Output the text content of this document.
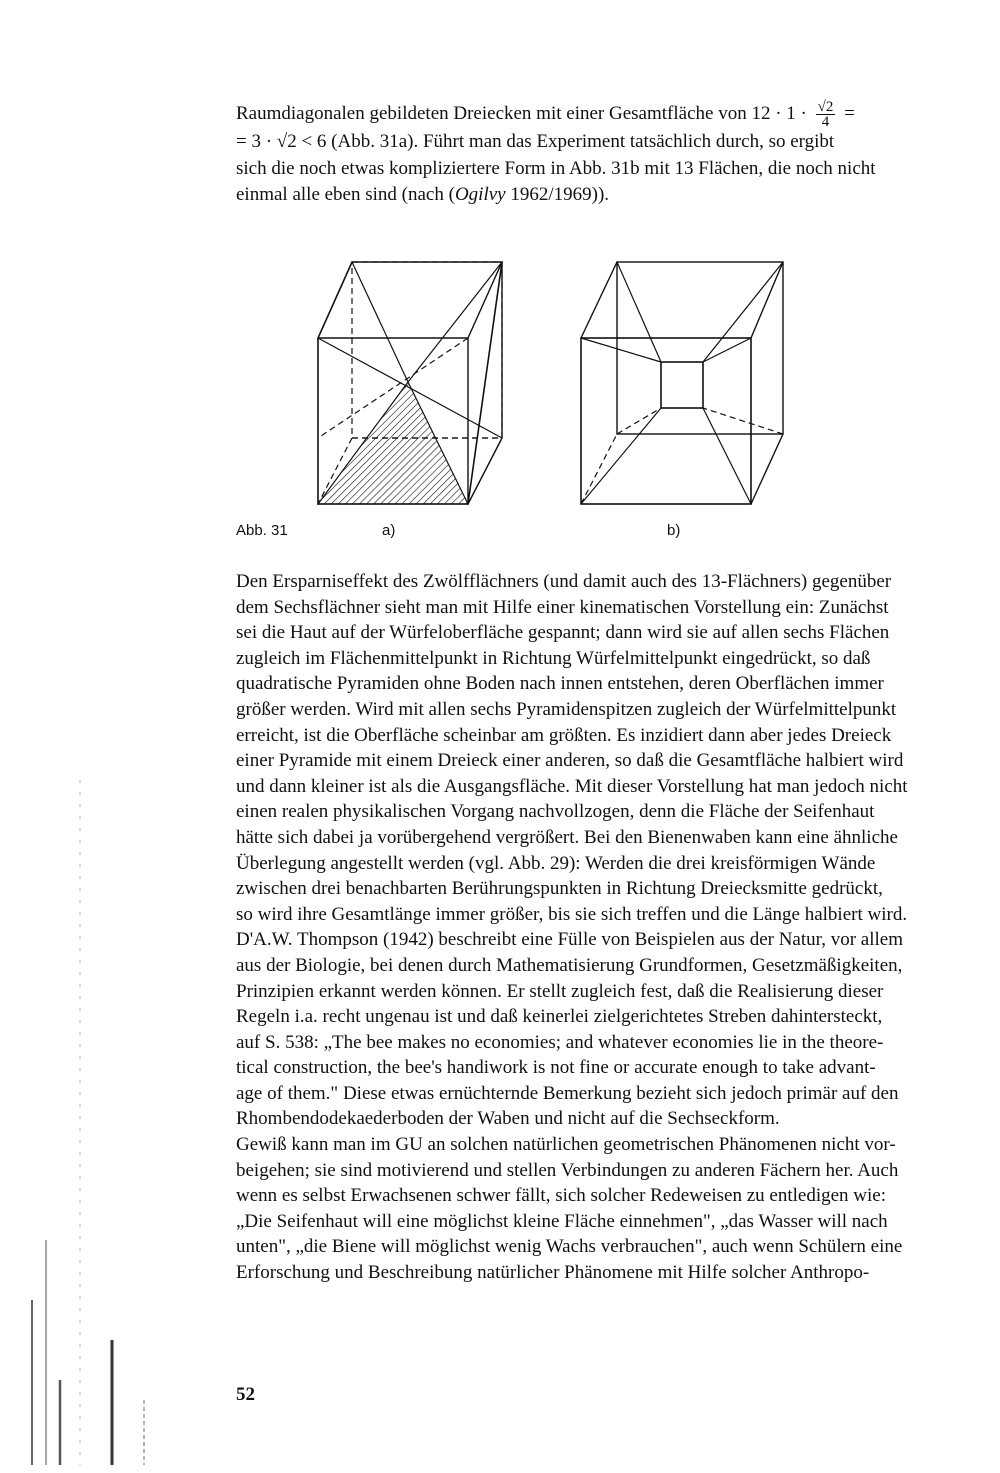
Raumdiagonalen gebildeten Dreiecken mit einer Gesamtfläche von $12 \cdot 1 \cdot \frac{√2}{4}$ =
= 3 · √2 < 6 (Abb. 31a). Führt man das Experiment tatsächlich durch, so ergibt
sich die noch etwas kompliziertere Form in Abb. 31b mit 13 Flächen, die noch nicht
einmal alle eben sind (nach (Ogilvy 1962/1969)).
Abb. 31	a)	b)
Den Ersparniseffekt des Zwölfflächners (und damit auch des 13-Flächners) gegenüber
dem Sechsflächner sieht man mit Hilfe einer kinematischen Vorstellung ein: Zunächst
sei die Haut auf der Würfeloberfläche gespannt; dann wird sie auf allen sechs Flächen
zugleich im Flächenmittelpunkt in Richtung Würfelmittelpunkt eingedrückt, so daß
quadratische Pyramiden ohne Boden nach innen entstehen, deren Oberflächen immer
größer werden. Wird mit allen sechs Pyramidenspitzen zugleich der Würfelmittelpunkt
erreicht, ist die Oberfläche scheinbar am größten. Es inzidiert dann aber jedes Dreieck
einer Pyramide mit einem Dreieck einer anderen, so daß die Gesamtfläche halbiert wird
und dann kleiner ist als die Ausgangsfläche. Mit dieser Vorstellung hat man jedoch nicht
einen realen physikalischen Vorgang nachvollzogen, denn die Fläche der Seifenhaut
hätte sich dabei ja vorübergehend vergrößert. Bei den Bienenwaben kann eine ähnliche
Überlegung angestellt werden (vgl. Abb. 29): Werden die drei kreisförmigen Wände
zwischen drei benachbarten Berührungspunkten in Richtung Dreiecksmitte gedrückt,
so wird ihre Gesamtlänge immer größer, bis sie sich treffen und die Länge halbiert wird.
D'A.W. Thompson (1942) beschreibt eine Fülle von Beispielen aus der Natur, vor allem
aus der Biologie, bei denen durch Mathematisierung Grundformen, Gesetzmäßigkeiten,
Prinzipien erkannt werden können. Er stellt zugleich fest, daß die Realisierung dieser
Regeln i.a. recht ungenau ist und daß keinerlei zielgerichtetes Streben dahintersteckt,
auf S. 538: „The bee makes no economies; and whatever economies lie in the theore-
tical construction, the bee's handiwork is not fine or accurate enough to take advant-
age of them." Diese etwas ernüchternde Bemerkung bezieht sich jedoch primär auf den
Rhombendodekaederboden der Waben und nicht auf die Sechseckform.
Gewiß kann man im GU an solchen natürlichen geometrischen Phänomenen nicht vor-
beigehen; sie sind motivierend und stellen Verbindungen zu anderen Fächern her. Auch
wenn es selbst Erwachsenen schwer fällt, sich solcher Redeweisen zu entledigen wie:
„Die Seifenhaut will eine möglichst kleine Fläche einnehmen", „das Wasser will nach
unten", „die Biene will möglichst wenig Wachs verbrauchen", auch wenn Schülern eine
Erforschung und Beschreibung natürlicher Phänomene mit Hilfe solcher Anthropo-
52
